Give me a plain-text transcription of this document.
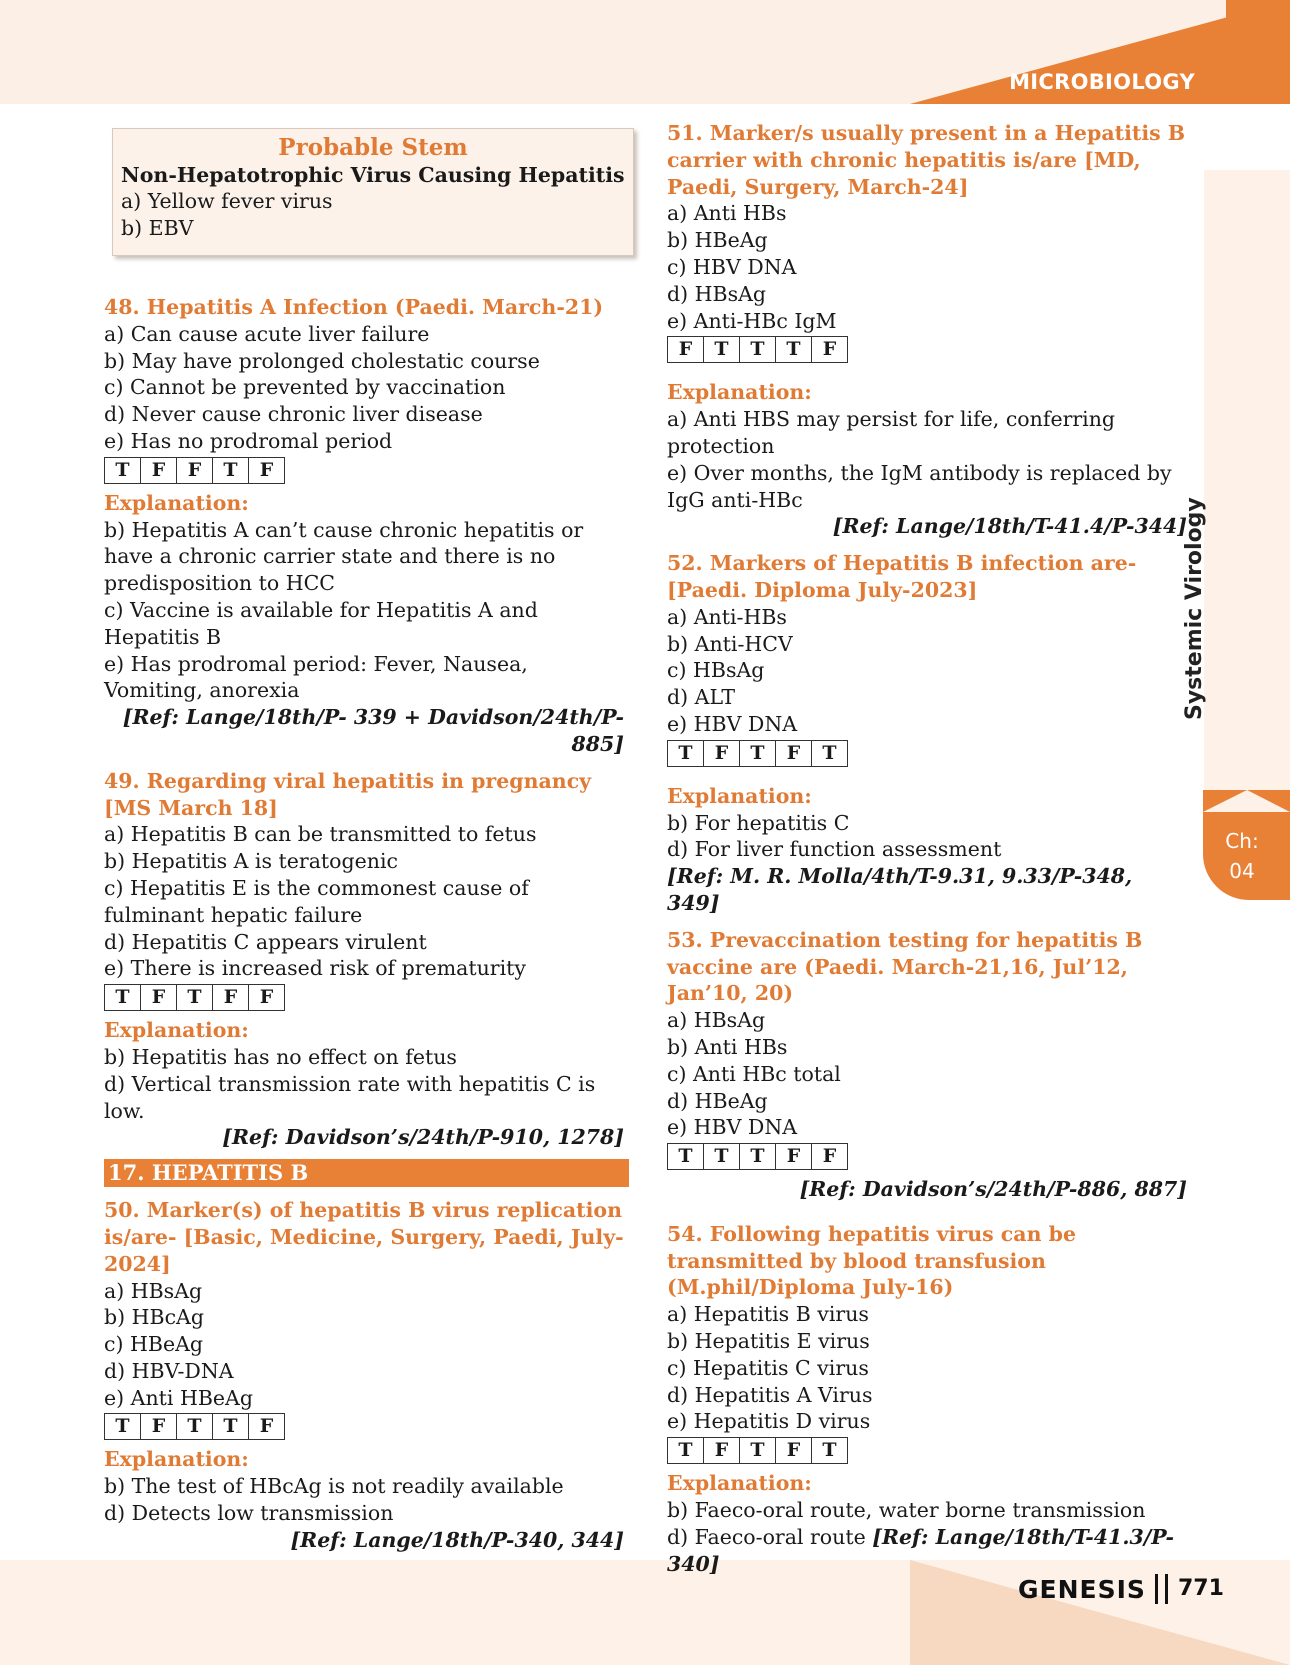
MICROBIOLOGY
Systemic Virology
Ch:
04
GENESIS 771
Probable Stem
Non-Hepatotrophic Virus Causing Hepatitis
a) Yellow fever virus
b) EBV

48. Hepatitis A Infection (Paedi. March-21)

a) Can cause acute liver failure

b) May have prolonged cholestatic course

c) Cannot be prevented by vaccination

d) Never cause chronic liver disease

e) Has no prodromal period

T	F	F	T	F

Explanation:

b) Hepatitis A can’t cause chronic hepatitis or have a chronic carrier state and there is no predisposition to HCC

c) Vaccine is available for Hepatitis A and Hepatitis B

e) Has prodromal period: Fever, Nausea, Vomiting, anorexia

[Ref: Lange/18th/P- 339 + Davidson/24th/P-885]

49. Regarding viral hepatitis in pregnancy [MS March 18]

a) Hepatitis B can be transmitted to fetus

b) Hepatitis A is teratogenic

c) Hepatitis E is the commonest cause of fulminant hepatic failure

d) Hepatitis C appears virulent

e) There is increased risk of prematurity

T	F	T	F	F

Explanation:

b) Hepatitis has no effect on fetus

d) Vertical transmission rate with hepatitis C is low.

[Ref: Davidson’s/24th/P-910, 1278]

17. HEPATITIS B

50. Marker(s) of hepatitis B virus replication is/are- [Basic, Medicine, Surgery, Paedi, July-2024]

a) HBsAg

b) HBcAg

c) HBeAg

d) HBV-DNA

e) Anti HBeAg

T	F	T	T	F

Explanation:

b) The test of HBcAg is not readily available

d) Detects low transmission

[Ref: Lange/18th/P-340, 344]

51. Marker/s usually present in a Hepatitis B carrier with chronic hepatitis is/are [MD, Paedi, Surgery, March-24]

a) Anti HBs

b) HBeAg

c) HBV DNA

d) HBsAg

e) Anti-HBc IgM

F	T	T	T	F

Explanation:

a) Anti HBS may persist for life, conferring protection

e) Over months, the IgM antibody is replaced by IgG anti-HBc

[Ref: Lange/18th/T-41.4/P-344]

52. Markers of Hepatitis B infection are- [Paedi. Diploma July-2023]

a) Anti-HBs

b) Anti-HCV

c) HBsAg

d) ALT

e) HBV DNA

T	F	T	F	T

Explanation:

b) For hepatitis C

d) For liver function assessment

[Ref: M. R. Molla/4th/T-9.31, 9.33/P-348, 349]

53. Prevaccination testing for hepatitis B vaccine are (Paedi. March-21,16, Jul’12, Jan’10, 20)

a) HBsAg

b) Anti HBs

c) Anti HBc total

d) HBeAg

e) HBV DNA

T	T	T	F	F

[Ref: Davidson’s/24th/P-886, 887]

54. Following hepatitis virus can be transmitted by blood transfusion (M.phil/Diploma July-16)

a) Hepatitis B virus

b) Hepatitis E virus

c) Hepatitis C virus

d) Hepatitis A Virus

e) Hepatitis D virus

T	F	T	F	T

Explanation:

b) Faeco-oral route, water borne transmission

d) Faeco-oral route [Ref: Lange/18th/T-41.3/P-340]
